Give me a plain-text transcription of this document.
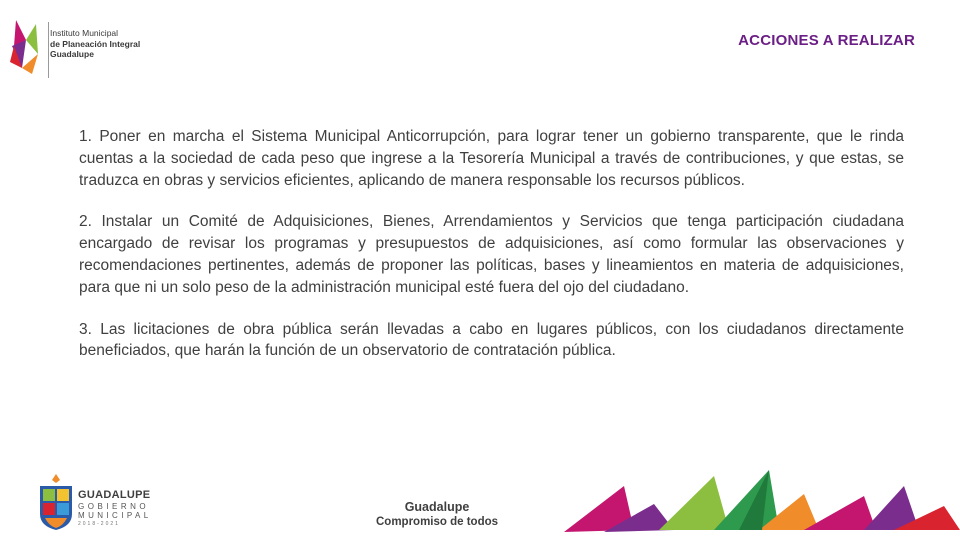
Instituto Municipal
de Planeación Integral
Guadalupe
ACCIONES A REALIZAR

1. Poner en marcha el Sistema Municipal Anticorrupción, para lograr tener un gobierno transparente, que le rinda cuentas a la sociedad de cada peso que ingrese a la Tesorería Municipal a través de contribuciones, y que estas, se traduzca en obras y servicios eficientes, aplicando de manera responsable los recursos públicos.

2. Instalar un Comité de Adquisiciones, Bienes, Arrendamientos y Servicios que tenga participación ciudadana encargado de revisar los programas y presupuestos de adquisiciones, así como formular las observaciones y recomendaciones pertinentes, además de proponer las políticas, bases y lineamientos en materia de adquisiciones, para que ni un solo peso de la administración municipal esté fuera del ojo del ciudadano.

3. Las licitaciones de obra pública serán llevadas a cabo en lugares públicos, con los ciudadanos directamente beneficiados, que harán la función de un observatorio de contratación pública.

GUADALUPE
GOBIERNO
MUNICIPAL
2018-2021
Guadalupe
Compromiso de todos
